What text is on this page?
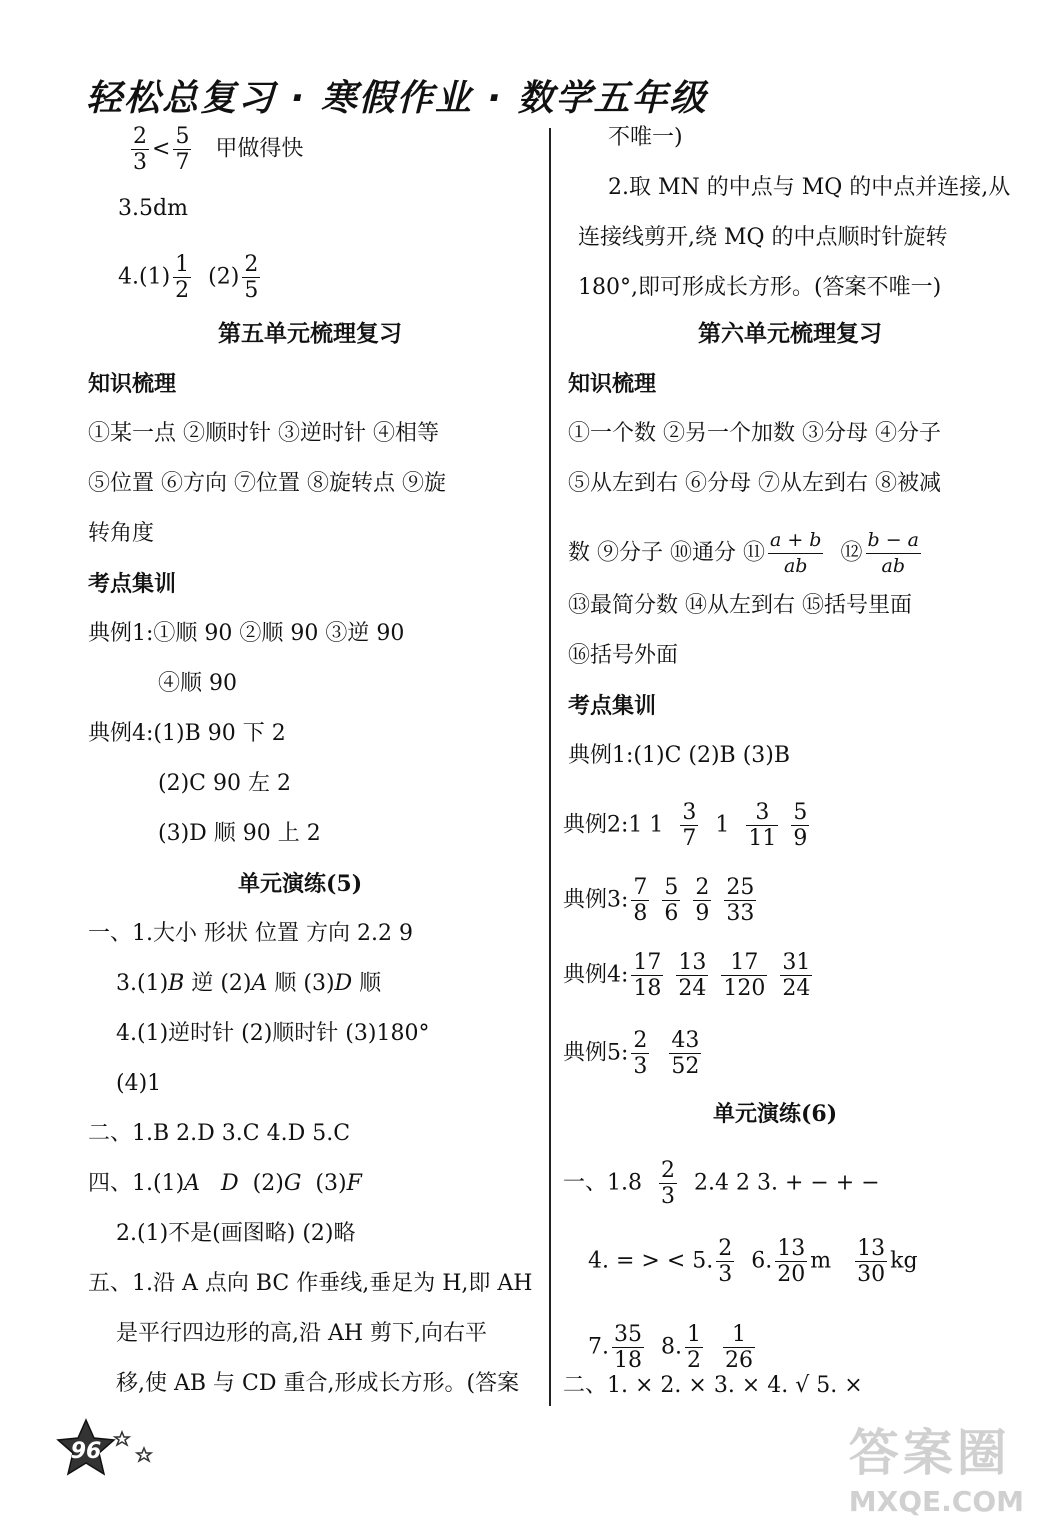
轻松总复习 · 寒假作业 · 数学五年级
$\frac{2}{3} < \frac{5}{7}$ 甲做得快
3.5dm
$4.(1) \frac{1}{2} (2) \frac{2}{5}$
第五单元梳理复习
知识梳理
①某一点 ②顺时针 ③逆时针 ④相等
⑤位置 ⑥方向 ⑦位置 ⑧旋转点 ⑨旋
转角度
考点集训
典例1:①顺 90 ②顺 90 ③逆 90
④顺 90
典例4:(1)B 90 下 2
(2)C 90 左 2
(3)D 顺 90 上 2
单元演练(5)
一、1.大小 形状 位置 方向 2.2 9
3.(1)B 逆 (2)A 顺 (3)D 顺
4.(1)逆时针 (2)顺时针 (3)180°
(4)1
二、1.B 2.D 3.C 4.D 5.C
四、1.(1)A D (2)G (3)F
2.(1)不是(画图略) (2)略
五、1.沿 A 点向 BC 作垂线,垂足为 H,即 AH
是平行四边形的高,沿 AH 剪下,向右平
移,使 AB 与 CD 重合,形成长方形。(答案
不唯一)
2.取 MN 的中点与 MQ 的中点并连接,从
连接线剪开,绕 MQ 的中点顺时针旋转
180°,即可形成长方形。(答案不唯一)
第六单元梳理复习
知识梳理
①一个数 ②另一个加数 ③分母 ④分子
⑤从左到右 ⑥分母 ⑦从左到右 ⑧被减
数 ⑨分子 ⑩通分 ⑪ $\frac{a + b}{ab}$ ⑫ $\frac{b - a}{ab}$
⑬最简分数 ⑭从左到右 ⑮括号里面
⑯括号外面
考点集训
典例1:(1)C (2)B (3)B
典例2:1 $1 \frac{3}{7} 1 \frac{3}{11}$
$\frac{5}{9}$
典例3: $\frac{7}{8}$
$\frac{5}{6}$
$\frac{2}{9}$
$\frac{25}{33}$
典例4: $\frac{17}{18}$
$\frac{13}{24}$
$\frac{17}{120}$
$\frac{31}{24}$
典例5: $\frac{2}{3}$
$\frac{43}{52}$
单元演练(6)
一、$1.8 \frac{2}{3} 2.4$ 2 3. + − + −
4. = > < 5. $\frac{2}{3} 6$. $\frac{13}{20}$ m $\frac{13}{30}$ kg
7. $\frac{35}{18} 8$. $\frac{1}{2}$
$\frac{1}{26}$
二、1. × 2. × 3. × 4. √ 5. ×
96	答案圈
MXQE.COM
